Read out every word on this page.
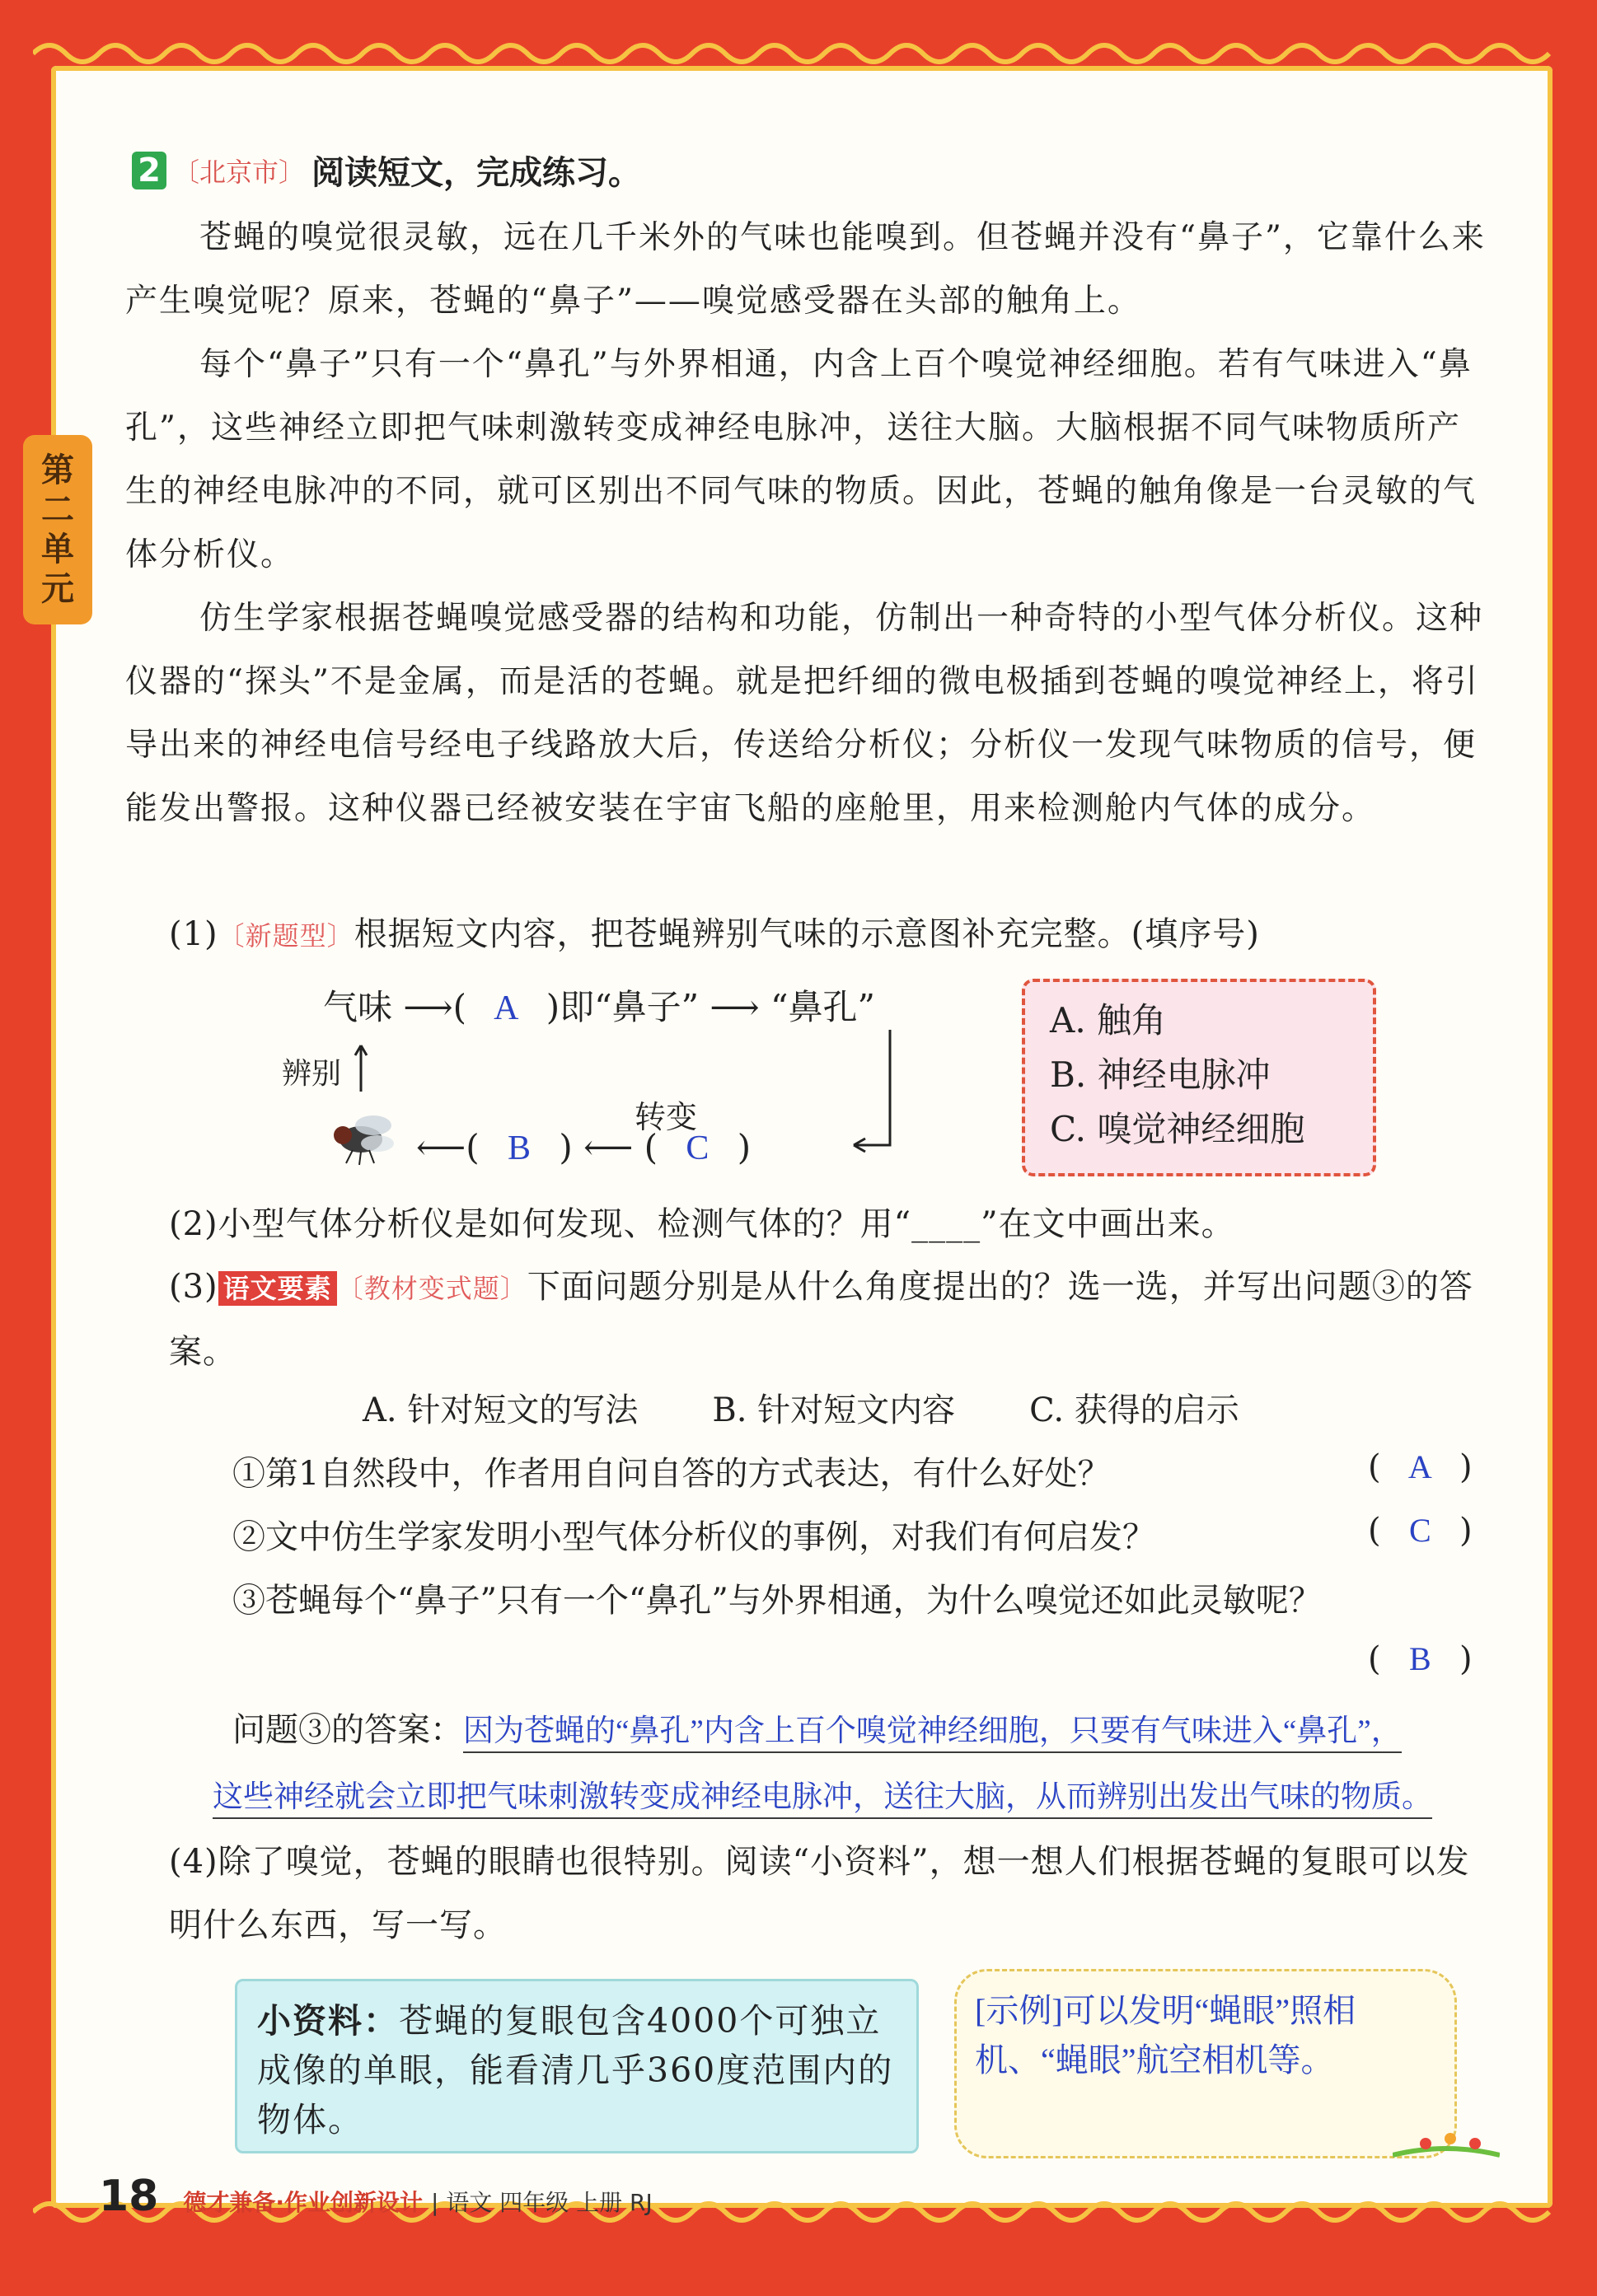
第
二
单
元
2 〔北京市〕 阅读短文，完成练习。

苍蝇的嗅觉很灵敏，远在几千米外的气味也能嗅到。但苍蝇并没有“鼻子”，它靠什么来产生嗅觉呢？原来，苍蝇的“鼻子”——嗅觉感受器在头部的触角上。

每个“鼻子”只有一个“鼻孔”与外界相通，内含上百个嗅觉神经细胞。若有气味进入“鼻孔”，这些神经立即把气味刺激转变成神经电脉冲，送往大脑。大脑根据不同气味物质所产生的神经电脉冲的不同，就可区别出不同气味的物质。因此，苍蝇的触角像是一台灵敏的气体分析仪。

仿生学家根据苍蝇嗅觉感受器的结构和功能，仿制出一种奇特的小型气体分析仪。这种仪器的“探头”不是金属，而是活的苍蝇。就是把纤细的微电极插到苍蝇的嗅觉神经上，将引导出来的神经电信号经电子线路放大后，传送给分析仪；分析仪一发现气味物质的信号，便能发出警报。这种仪器已经被安装在宇宙飞船的座舱里，用来检测舱内气体的成分。

(1)〔新题型〕根据短文内容，把苍蝇辨别气味的示意图补充完整。(填序号)
气味 ⟶( A )即“鼻子” ⟶ “鼻孔”
辨别
转变
⟵( B ) ⟵ ( C )
A. 触角
B. 神经电脉冲
C. 嗅觉神经细胞
(2)小型气体分析仪是如何发现、检测气体的？用“____”在文中画出来。
(3) 语文要素 〔教材变式题〕下面问题分别是从什么角度提出的？选一选，并写出问题③的答案。
A. 针对短文的写法 B. 针对短文内容 C. 获得的启示
①第1自然段中，作者用自问自答的方式表达，有什么好处？	( A )
②文中仿生学家发明小型气体分析仪的事例，对我们有何启发？	( C )
③苍蝇每个“鼻子”只有一个“鼻孔”与外界相通，为什么嗅觉还如此灵敏呢？
( B )
问题③的答案：因为苍蝇的“鼻孔”内含上百个嗅觉神经细胞，只要有气味进入“鼻孔”，
这些神经就会立即把气味刺激转变成神经电脉冲，送往大脑，从而辨别出发出气味的物质。
(4)除了嗅觉，苍蝇的眼睛也很特别。阅读“小资料”，想一想人们根据苍蝇的复眼可以发明什么东西，写一写。
小资料：苍蝇的复眼包含4000个可独立成像的单眼，能看清几乎360度范围内的物体。
[示例]可以发明“蝇眼”照相机、“蝇眼”航空相机等。
18 德才兼备·作业创新设计 | 语文 四年级 上册 RJ
